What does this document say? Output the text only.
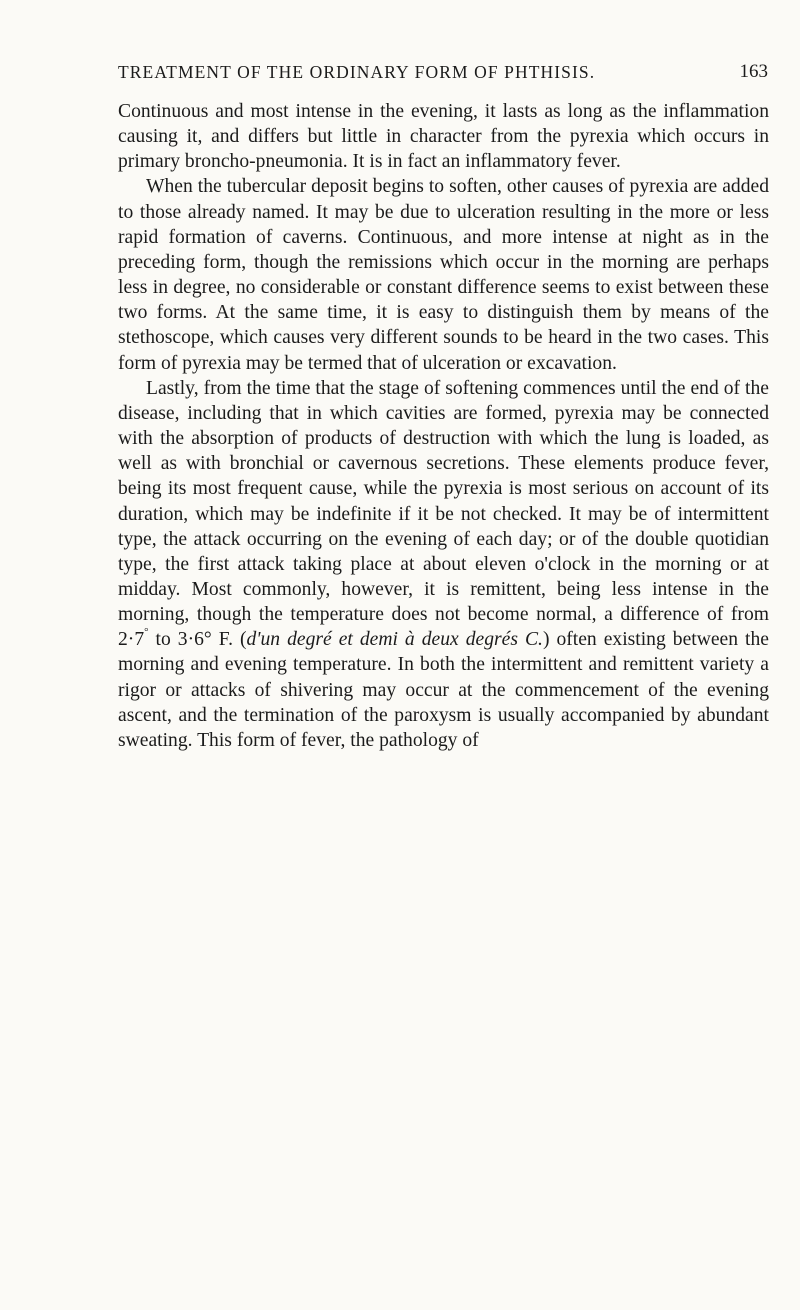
TREATMENT OF THE ORDINARY FORM OF PHTHISIS.	163

Continuous and most intense in the evening, it lasts as long as the inflammation causing it, and differs but little in character from the pyrexia which occurs in primary broncho-pneumonia. It is in fact an inflammatory fever.

When the tubercular deposit begins to soften, other causes of pyrexia are added to those already named. It may be due to ulceration resulting in the more or less rapid formation of caverns. Continuous, and more intense at night as in the preceding form, though the remissions which occur in the morning are perhaps less in degree, no considerable or constant difference seems to exist between these two forms. At the same time, it is easy to distinguish them by means of the stethoscope, which causes very different sounds to be heard in the two cases. This form of pyrexia may be termed that of ulceration or excavation.

Lastly, from the time that the stage of softening commences until the end of the disease, including that in which cavities are formed, pyrexia may be connected with the absorption of products of destruction with which the lung is loaded, as well as with bronchial or cavernous secretions. These elements produce fever, being its most frequent cause, while the pyrexia is most serious on account of its duration, which may be indefinite if it be not checked. It may be of intermittent type, the attack occurring on the evening of each day; or of the double quotidian type, the first attack taking place at about eleven o'clock in the morning or at midday. Most commonly, however, it is remittent, being less intense in the morning, though the temperature does not become normal, a difference of from 2·7° to 3·6° F. (d'un degré et demi à deux degrés C.) often existing between the morning and evening temperature. In both the intermittent and remittent variety a rigor or attacks of shivering may occur at the commencement of the evening ascent, and the termination of the paroxysm is usually accompanied by abundant sweating. This form of fever, the pathology of
